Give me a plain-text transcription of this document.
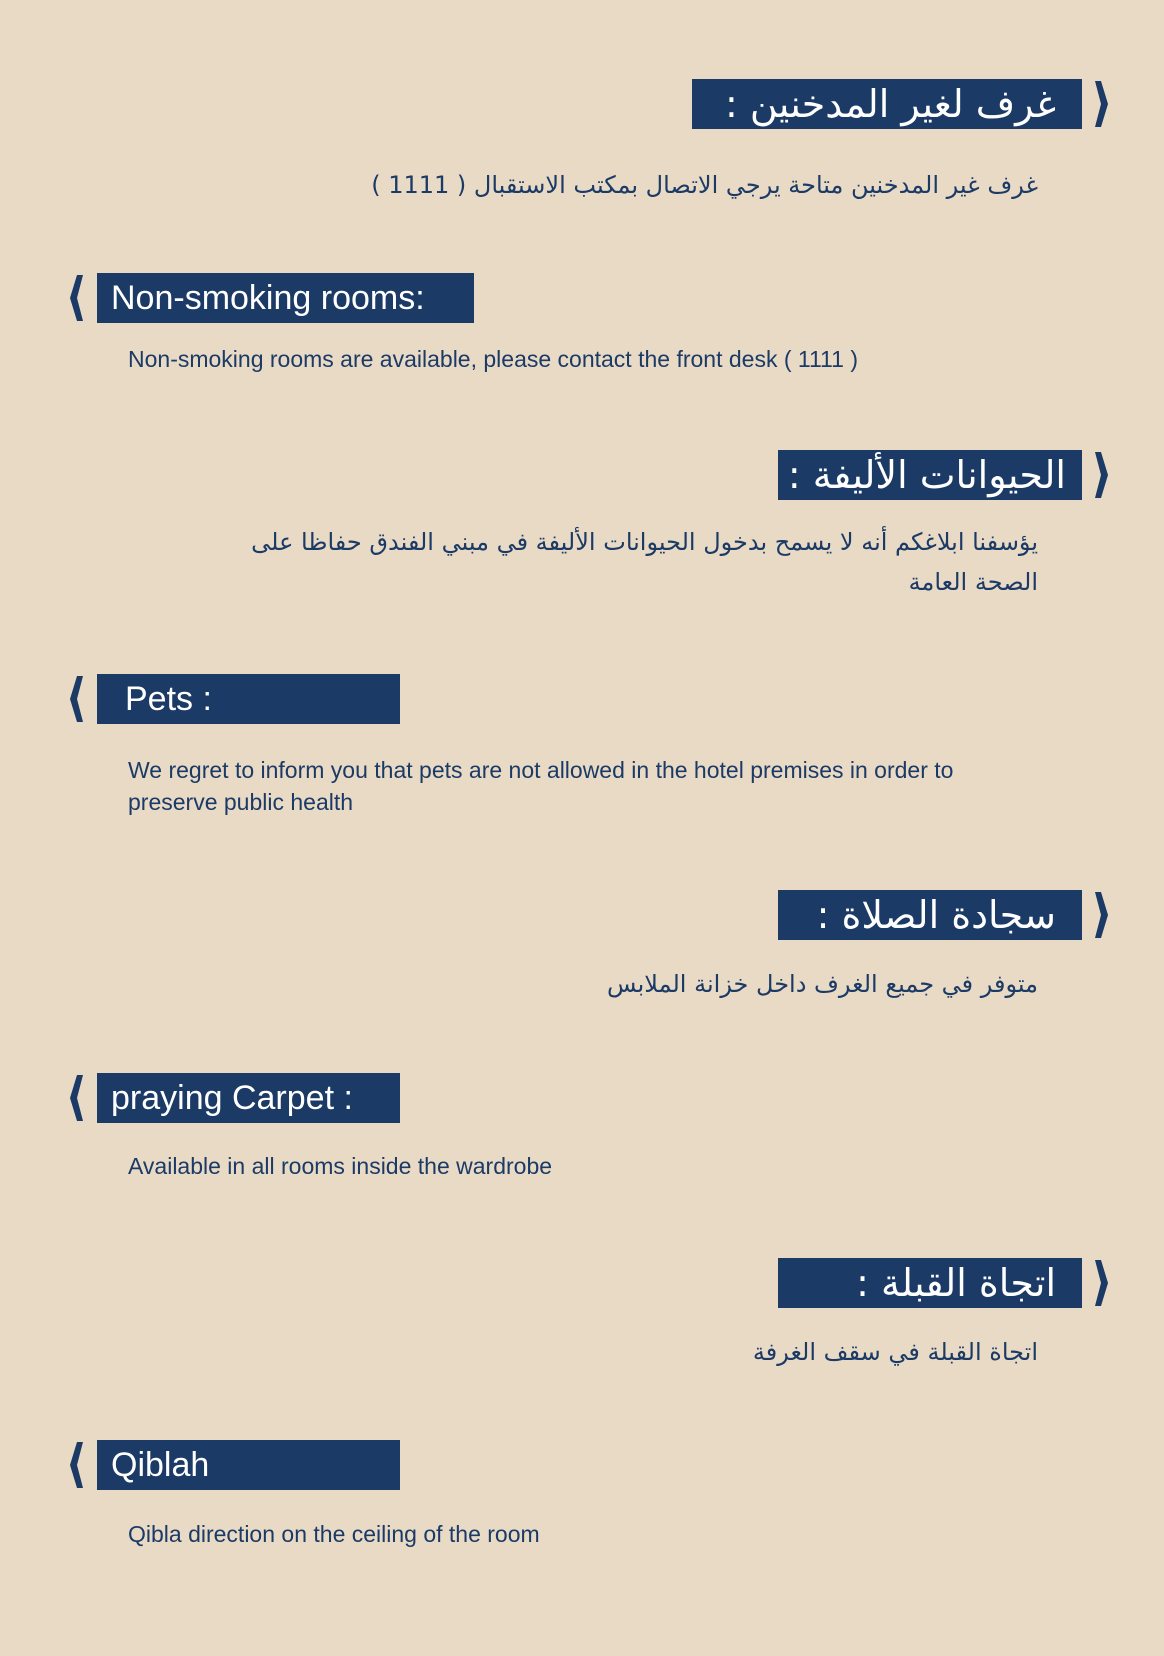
غرف لغير المدخنين :
غرف غير المدخنين متاحة يرجي الاتصال بمكتب الاستقبال ( 1111 )
Non-smoking rooms:
Non-smoking rooms are available, please contact the front desk ( 1111 )
الحيوانات الأليفة :
يؤسفنا ابلاغكم أنه لا يسمح بدخول الحيوانات الأليفة في مبني الفندق حفاظا على الصحة العامة
Pets :
We regret to inform you that pets are not allowed in the hotel premises in order to preserve public health
سجادة الصلاة :
متوفر في جميع الغرف داخل خزانة الملابس
praying Carpet :
Available in all rooms inside the wardrobe
اتجاة القبلة :
اتجاة القبلة في سقف الغرفة
Qiblah
Qibla direction on the ceiling of the room
